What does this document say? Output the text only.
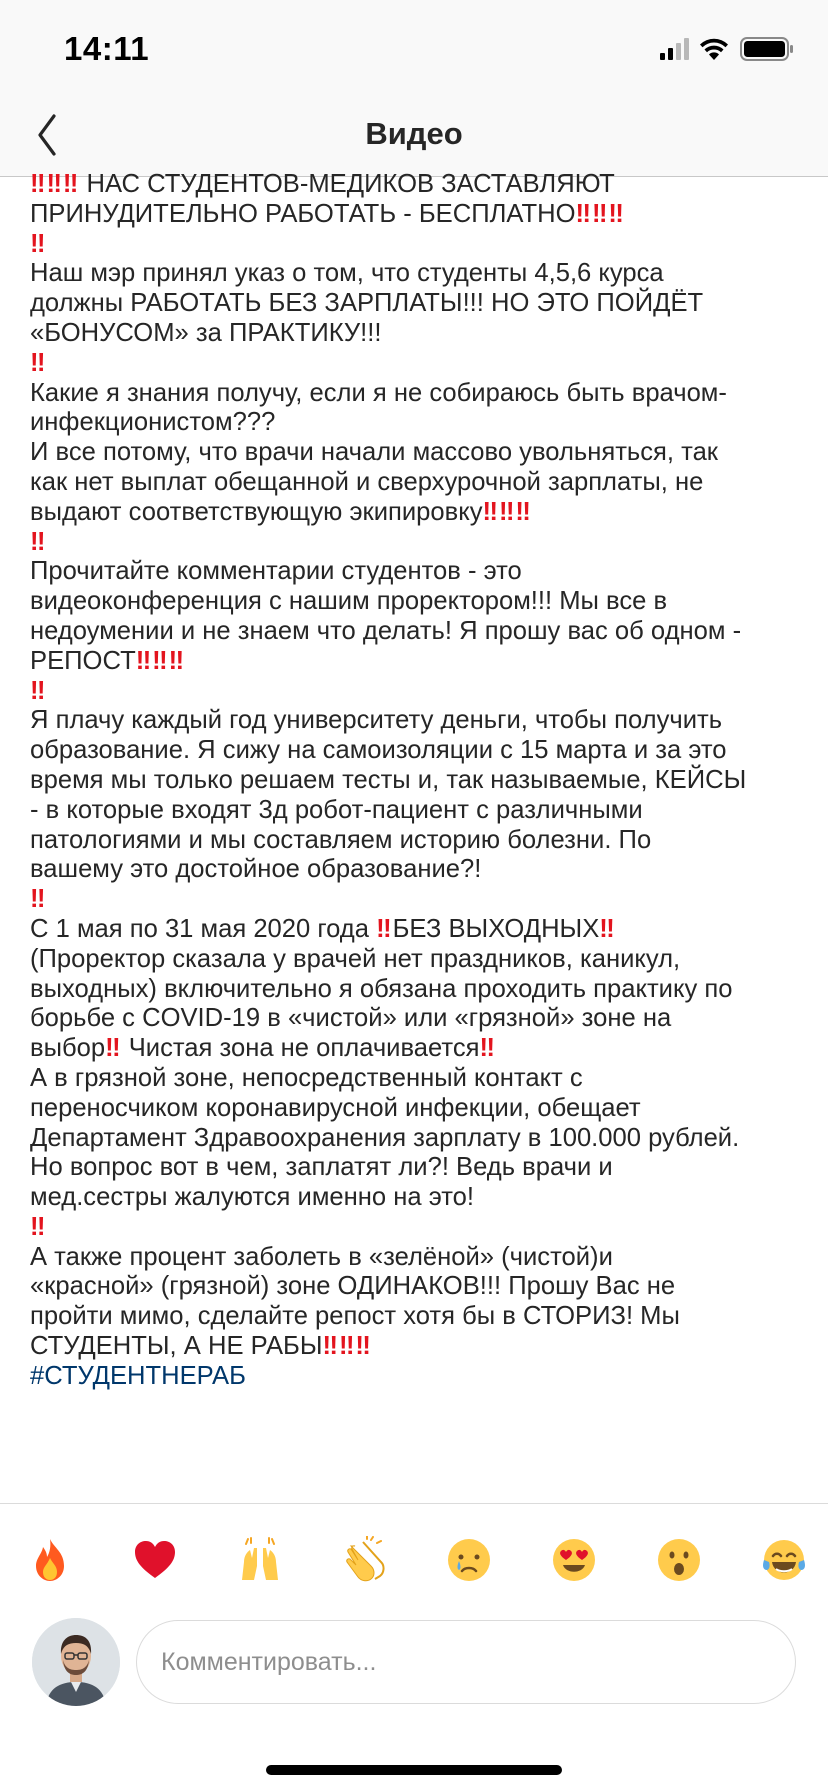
14:11
Видео
‼‼‼ НАС СТУДЕНТОВ-МЕДИКОВ ЗАСТАВЛЯЮТ
ПРИНУДИТЕЛЬНО РАБОТАТЬ - БЕСПЛАТНО‼‼‼
‼
Наш мэр принял указ о том, что студенты 4,5,6 курса
должны РАБОТАТЬ БЕЗ ЗАРПЛАТЫ!!! НО ЭТО ПОЙДЁТ
«БОНУСОМ» за ПРАКТИКУ!!!
‼
Какие я знания получу, если я не собираюсь быть врачом-
инфекционистом???
И все потому, что врачи начали массово увольняться, так
как нет выплат обещанной и сверхурочной зарплаты, не
выдают соответствующую экипировку‼‼‼
‼
Прочитайте комментарии студентов - это
видеоконференция с нашим проректором!!! Мы все в
недоумении и не знаем что делать! Я прошу вас об одном -
РЕПОСТ‼‼‼
‼
Я плачу каждый год университету деньги, чтобы получить
образование. Я сижу на самоизоляции с 15 марта и за это
время мы только решаем тесты и, так называемые, КЕЙСЫ
- в которые входят 3д робот-пациент с различными
патологиями и мы составляем историю болезни. По
вашему это достойное образование?!
‼
С 1 мая по 31 мая 2020 года ‼БЕЗ ВЫХОДНЫХ‼
(Проректор сказала у врачей нет праздников, каникул,
выходных) включительно я обязана проходить практику по
борьбе с COVID-19 в «чистой» или «грязной» зоне на
выбор‼ Чистая зона не оплачивается‼
А в грязной зоне, непосредственный контакт с
переносчиком коронавирусной инфекции, обещает
Департамент Здравоохранения зарплату в 100.000 рублей.
Но вопрос вот в чем, заплатят ли?! Ведь врачи и
мед.сестры жалуются именно на это!
‼
А также процент заболеть в «зелёной» (чистой)и
«красной» (грязной) зоне ОДИНАКОВ!!! Прошу Вас не
пройти мимо, сделайте репост хотя бы в СТОРИЗ! Мы
СТУДЕНТЫ, А НЕ РАБЫ‼‼‼
#СТУДЕНТНЕРАБ
Комментировать...
